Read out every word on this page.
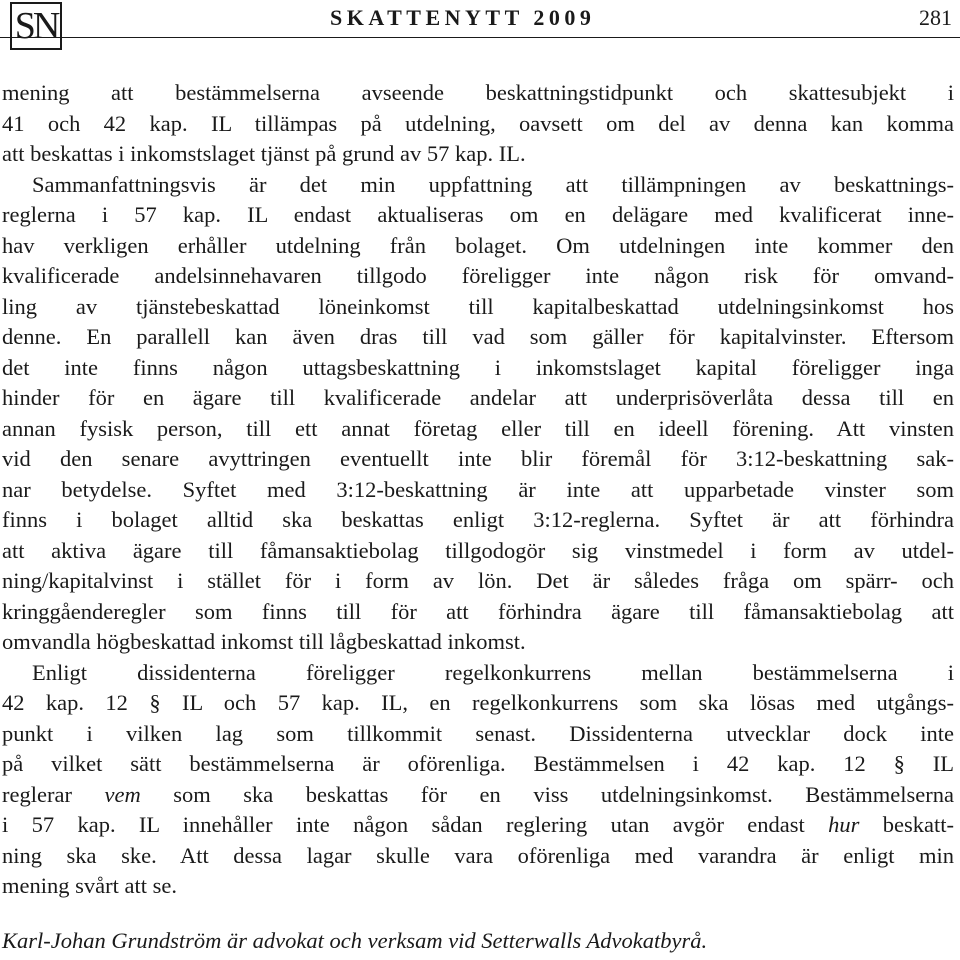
SN	SKATTENYTT 2009	281
mening att bestämmelserna avseende beskattningstidpunkt och skattesubjekt i
41 och 42 kap. IL tillämpas på utdelning, oavsett om del av denna kan komma
att beskattas i inkomstslaget tjänst på grund av 57 kap. IL.
Sammanfattningsvis är det min uppfattning att tillämpningen av beskattnings-
reglerna i 57 kap. IL endast aktualiseras om en delägare med kvalificerat inne-
hav verkligen erhåller utdelning från bolaget. Om utdelningen inte kommer den
kvalificerade andelsinnehavaren tillgodo föreligger inte någon risk för omvand-
ling av tjänstebeskattad löneinkomst till kapitalbeskattad utdelningsinkomst hos
denne. En parallell kan även dras till vad som gäller för kapitalvinster. Eftersom
det inte finns någon uttagsbeskattning i inkomstslaget kapital föreligger inga
hinder för en ägare till kvalificerade andelar att underprisöverlåta dessa till en
annan fysisk person, till ett annat företag eller till en ideell förening. Att vinsten
vid den senare avyttringen eventuellt inte blir föremål för 3:12-beskattning sak-
nar betydelse. Syftet med 3:12-beskattning är inte att upparbetade vinster som
finns i bolaget alltid ska beskattas enligt 3:12-reglerna. Syftet är att förhindra
att aktiva ägare till fåmansaktiebolag tillgodogör sig vinstmedel i form av utdel-
ning/kapitalvinst i stället för i form av lön. Det är således fråga om spärr- och
kringgåenderegler som finns till för att förhindra ägare till fåmansaktiebolag att
omvandla högbeskattad inkomst till lågbeskattad inkomst.
Enligt dissidenterna föreligger regelkonkurrens mellan bestämmelserna i
42 kap. 12 § IL och 57 kap. IL, en regelkonkurrens som ska lösas med utgångs-
punkt i vilken lag som tillkommit senast. Dissidenterna utvecklar dock inte
på vilket sätt bestämmelserna är oförenliga. Bestämmelsen i 42 kap. 12 § IL
reglerar vem som ska beskattas för en viss utdelningsinkomst. Bestämmelserna
i 57 kap. IL innehåller inte någon sådan reglering utan avgör endast hur beskatt-
ning ska ske. Att dessa lagar skulle vara oförenliga med varandra är enligt min
mening svårt att se.
Karl-Johan Grundström är advokat och verksam vid Setterwalls Advokatbyrå.
